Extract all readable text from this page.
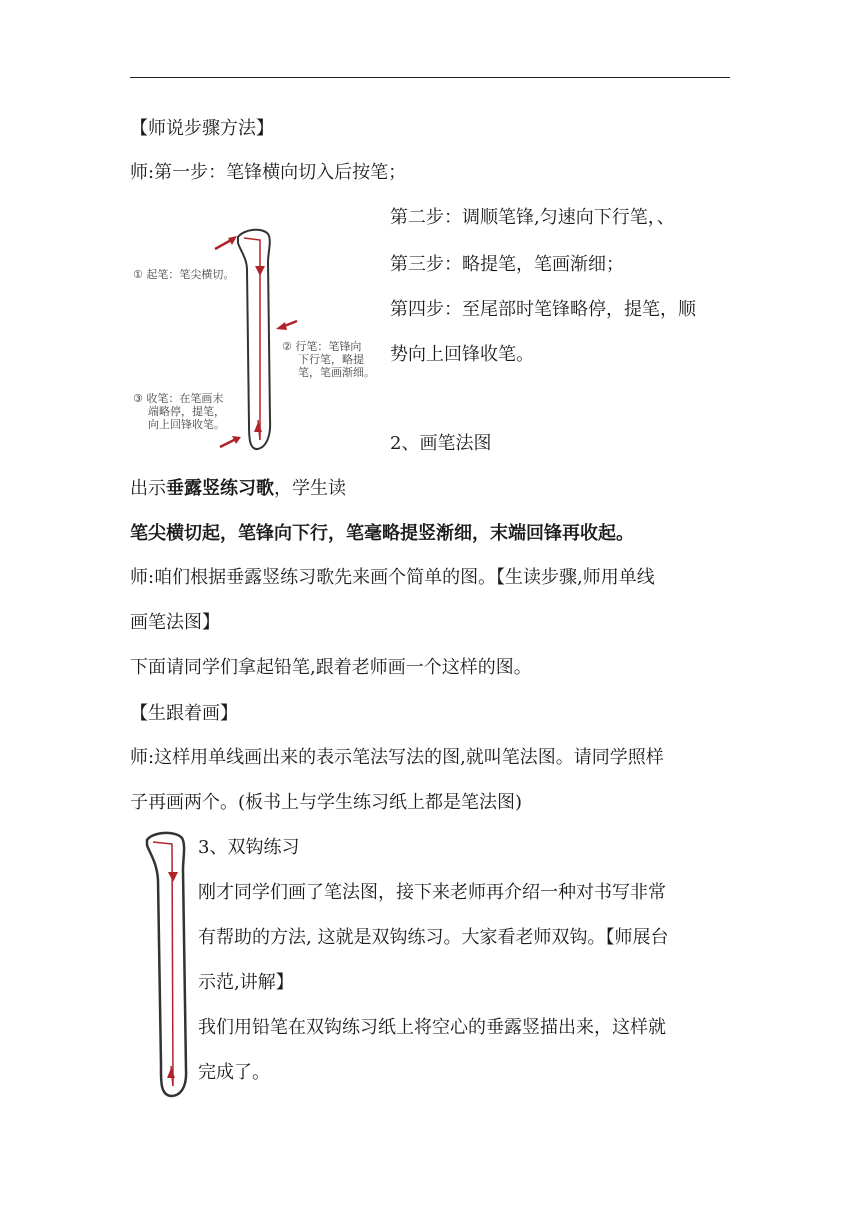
【师说步骤方法】
师:第一步：笔锋横向切入后按笔；
第二步：调顺笔锋,匀速向下行笔，、
第三步：略提笔，笔画渐细；
第四步：至尾部时笔锋略停，提笔，顺
势向上回锋收笔。
① 起笔：笔尖横切。
② 行笔：笔锋向
下行笔，略提
笔，笔画渐细。
③ 收笔：在笔画末
端略停，提笔，
向上回锋收笔。
2、画笔法图
出示垂露竖练习歌，学生读
笔尖横切起，笔锋向下行，笔毫略提竖渐细，末端回锋再收起。
师:咱们根据垂露竖练习歌先来画个简单的图。【生读步骤,师用单线
画笔法图】
下面请同学们拿起铅笔,跟着老师画一个这样的图。
【生跟着画】
师:这样用单线画出来的表示笔法写法的图,就叫笔法图。请同学照样
子再画两个。(板书上与学生练习纸上都是笔法图)
3、双钩练习
刚才同学们画了笔法图，接下来老师再介绍一种对书写非常
有帮助的方法, 这就是双钩练习。大家看老师双钩。【师展台
示范,讲解】
我们用铅笔在双钩练习纸上将空心的垂露竖描出来，这样就
完成了。
